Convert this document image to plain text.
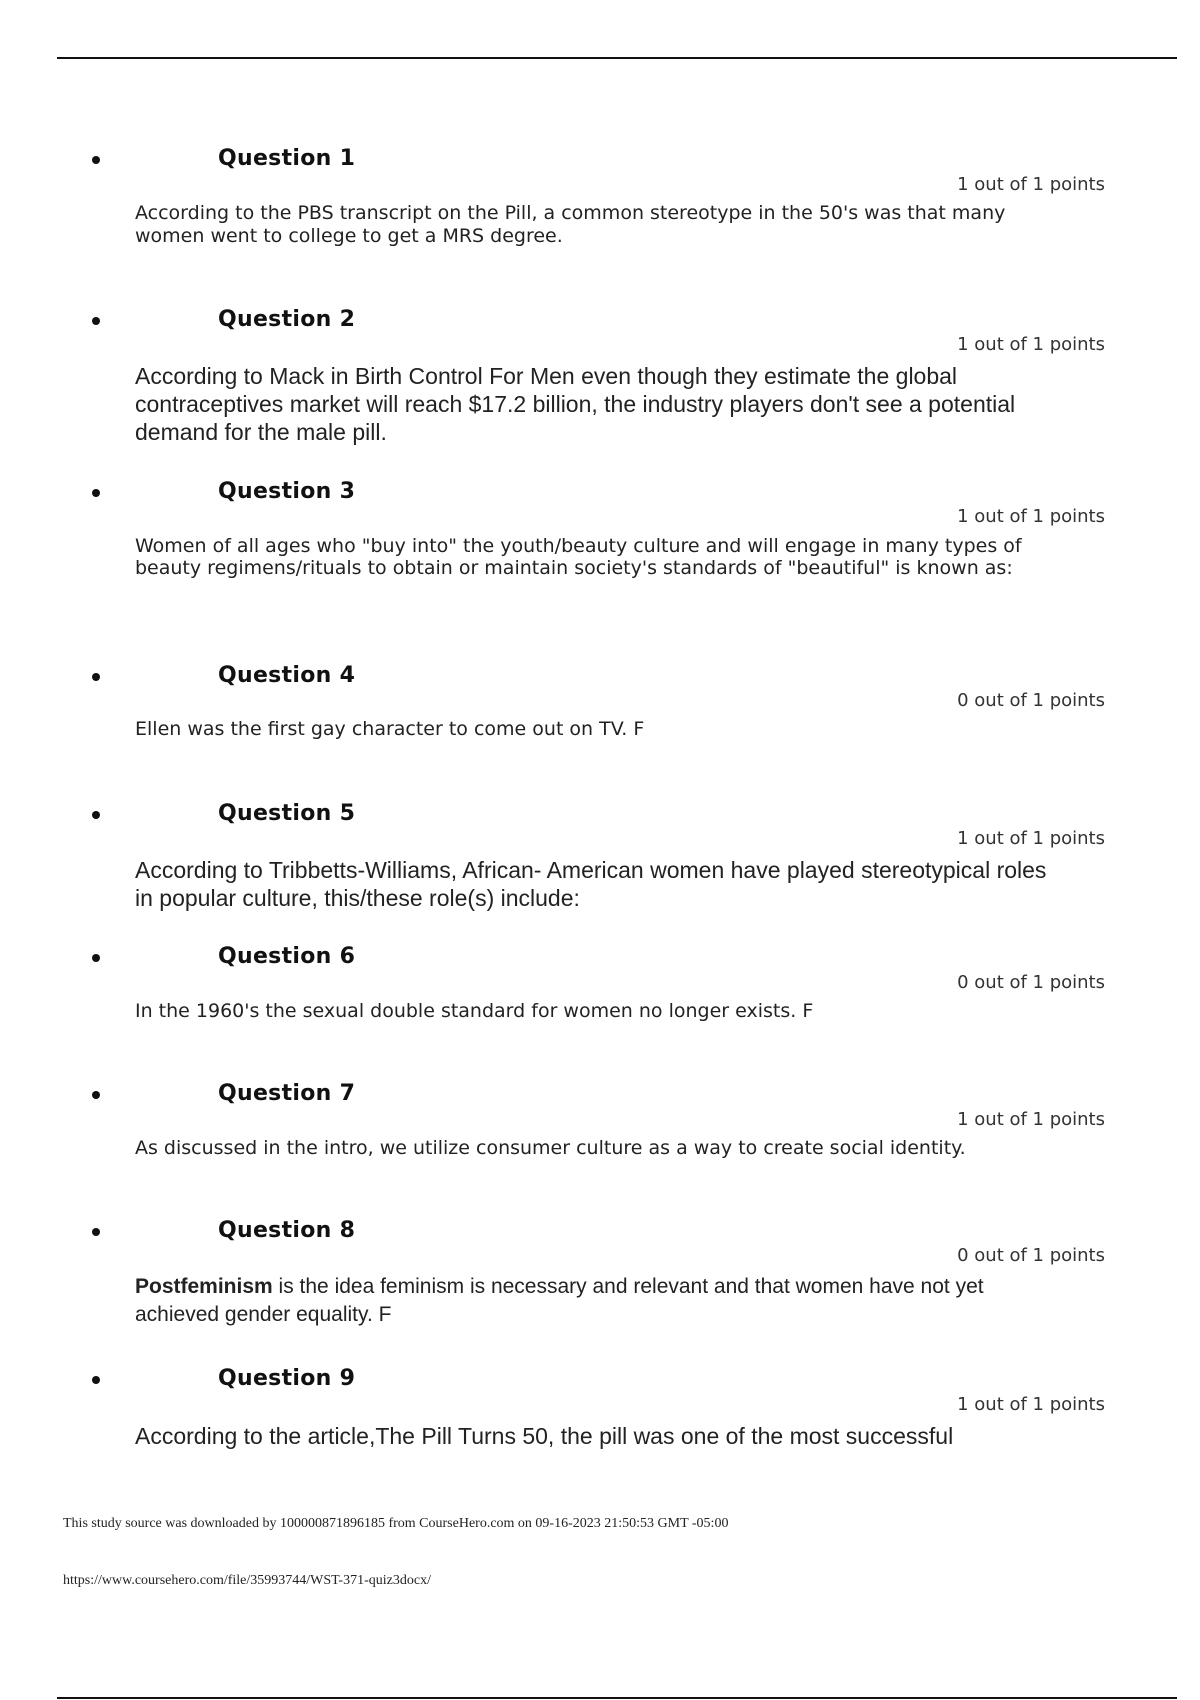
Question 1
1 out of 1 points
According to the PBS transcript on the Pill, a common stereotype in the 50's was that many women went to college to get a MRS degree.
Question 2
1 out of 1 points
According to Mack in Birth Control For Men even though they estimate the global contraceptives market will reach $17.2 billion, the industry players don't see a potential demand for the male pill.
Question 3
1 out of 1 points
Women of all ages who "buy into" the youth/beauty culture and will engage in many types of beauty regimens/rituals to obtain or maintain society's standards of "beautiful" is known as:
Question 4
0 out of 1 points
Ellen was the first gay character to come out on TV. F
Question 5
1 out of 1 points
According to Tribbetts-Williams, African- American women have played stereotypical roles in popular culture, this/these role(s) include:
Question 6
0 out of 1 points
In the 1960's the sexual double standard for women no longer exists. F
Question 7
1 out of 1 points
As discussed in the intro, we utilize consumer culture as a way to create social identity.
Question 8
0 out of 1 points
Postfeminism is the idea feminism is necessary and relevant and that women have not yet achieved gender equality. F
Question 9
1 out of 1 points
According to the article,The Pill Turns 50, the pill was one of the most successful
This study source was downloaded by 100000871896185 from CourseHero.com on 09-16-2023 21:50:53 GMT -05:00
https://www.coursehero.com/file/35993744/WST-371-quiz3docx/
